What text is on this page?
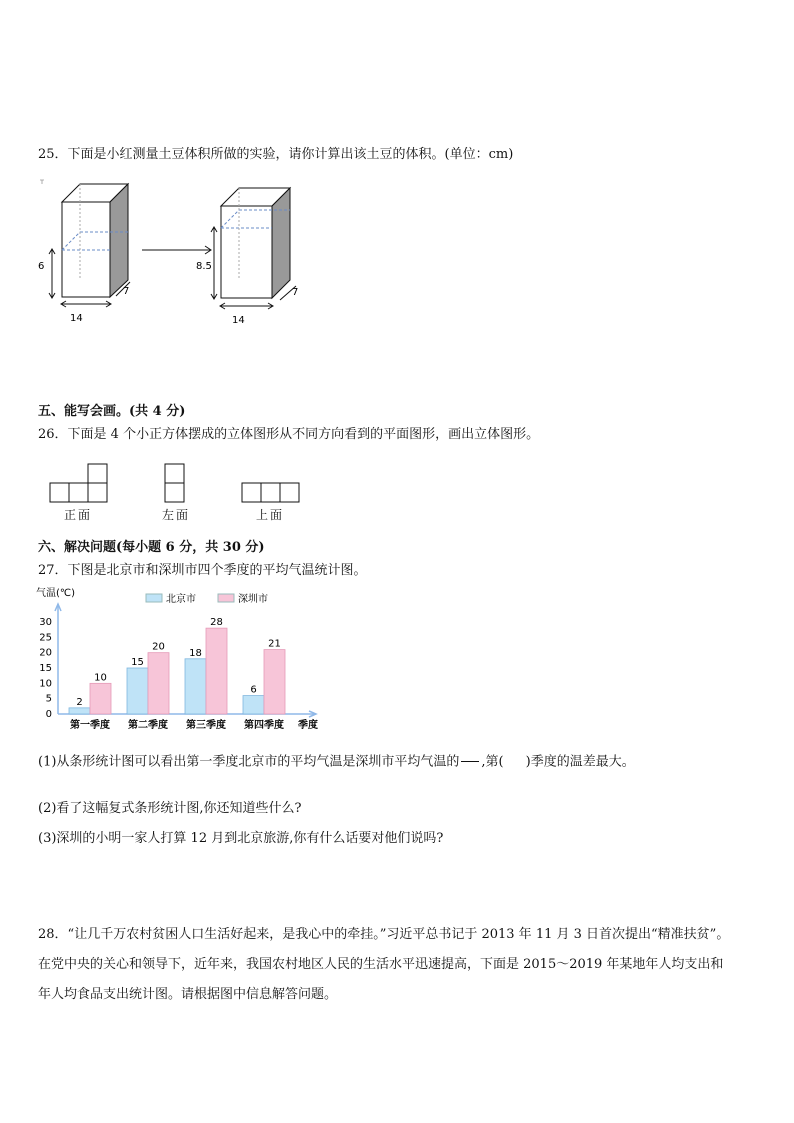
25．下面是小红测量土豆体积所做的实验，请你计算出该土豆的体积。(单位：cm)
6
14
7
8.5
14
7
五、能写会画。(共 4 分)
26．下面是 4 个小正方体摆成的立体图形从不同方向看到的平面图形，画出立体图形。
正面	左面	上面
六、解决问题(每小题 6 分，共 30 分)
27．下图是北京市和深圳市四个季度的平均气温统计图。
气温(℃)
0
5
10
15
20
25
30
北京市	深圳市
2
10
第一季度
15
20
第二季度
18
28
第三季度
6
21
第四季度 季度
(1)从条形统计图可以看出第一季度北京市的平均气温是深圳市平均气温的 ,第( )季度的温差最大。
(2)看了这幅复式条形统计图,你还知道些什么?
(3)深圳的小明一家人打算 12 月到北京旅游,你有什么话要对他们说吗?
28．“让几千万农村贫困人口生活好起来，是我心中的牵挂。”习近平总书记于 2013 年 11 月 3 日首次提出“精准扶贫”。
在党中央的关心和领导下，近年来，我国农村地区人民的生活水平迅速提高，下面是 2015～2019 年某地年人均支出和
年人均食品支出统计图。请根据图中信息解答问题。
